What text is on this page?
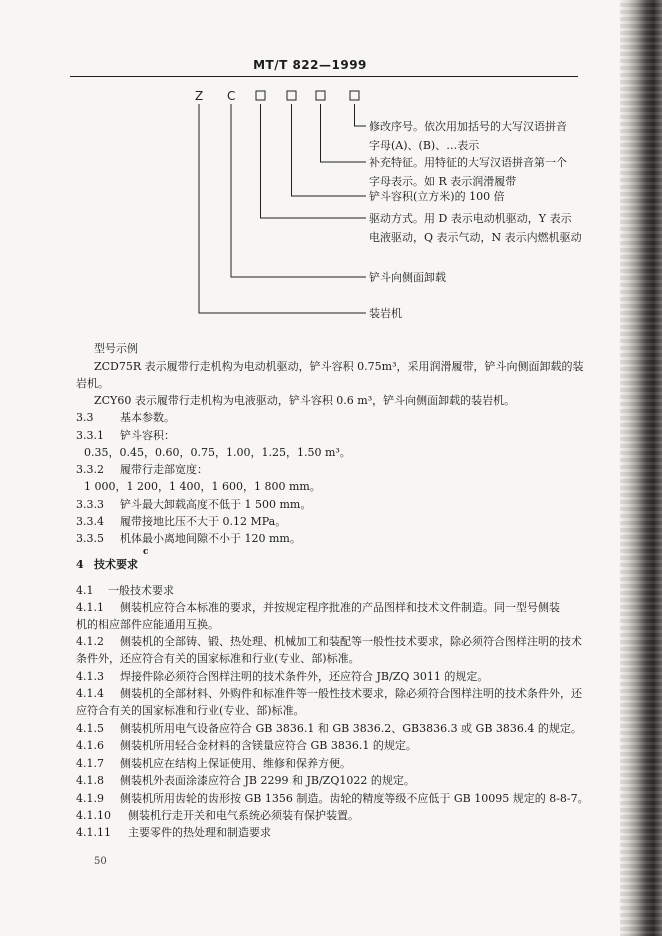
MT/T 822—1999
Z C
修改序号。依次用加括号的大写汉语拼音
字母(A)、(B)、…表示
补充特征。用特征的大写汉语拼音第一个
字母表示。如 R 表示润滑履带
铲斗容积(立方米)的 100 倍
驱动方式。用 D 表示电动机驱动，Y 表示
电液驱动，Q 表示气动，N 表示内燃机驱动
铲斗向侧面卸载
装岩机
型号示例
ZCD75R 表示履带行走机构为电动机驱动，铲斗容积 0.75m³，采用润滑履带，铲斗向侧面卸载的装
岩机。
ZCY60 表示履带行走机构为电液驱动，铲斗容积 0.6 m³，铲斗向侧面卸载的装岩机。
3.3 基本参数。
3.3.1 铲斗容积：
0.35，0.45，0.60，0.75，1.00，1.25，1.50 m³。
3.3.2 履带行走部宽度：
1 000，1 200，1 400，1 600，1 800 mm。
3.3.3 铲斗最大卸载高度不低于 1 500 mm。
3.3.4 履带接地比压不大于 0.12 MPa。
3.3.5 机体最小离地间隙不小于 120 mm。
c
4 技术要求
4.1 一般技术要求
4.1.1 侧装机应符合本标准的要求，并按规定程序批准的产品图样和技术文件制造。同一型号侧装
机的相应部件应能通用互换。
4.1.2 侧装机的全部铸、锻、热处理、机械加工和装配等一般性技术要求，除必须符合图样注明的技术
条件外，还应符合有关的国家标准和行业(专业、部)标准。
4.1.3 焊接件除必须符合图样注明的技术条件外，还应符合 JB/ZQ 3011 的规定。
4.1.4 侧装机的全部材料、外购件和标准件等一般性技术要求，除必须符合图样注明的技术条件外，还
应符合有关的国家标准和行业(专业、部)标准。
4.1.5 侧装机所用电气设备应符合 GB 3836.1 和 GB 3836.2、GB3836.3 或 GB 3836.4 的规定。
4.1.6 侧装机所用轻合金材料的含镁量应符合 GB 3836.1 的规定。
4.1.7 侧装机应在结构上保证使用、维修和保养方便。
4.1.8 侧装机外表面涂漆应符合 JB 2299 和 JB/ZQ1022 的规定。
4.1.9 侧装机所用齿轮的齿形按 GB 1356 制造。齿轮的精度等级不应低于 GB 10095 规定的 8-8-7。
4.1.10 侧装机行走开关和电气系统必须装有保护装置。
4.1.11 主要零件的热处理和制造要求
50
